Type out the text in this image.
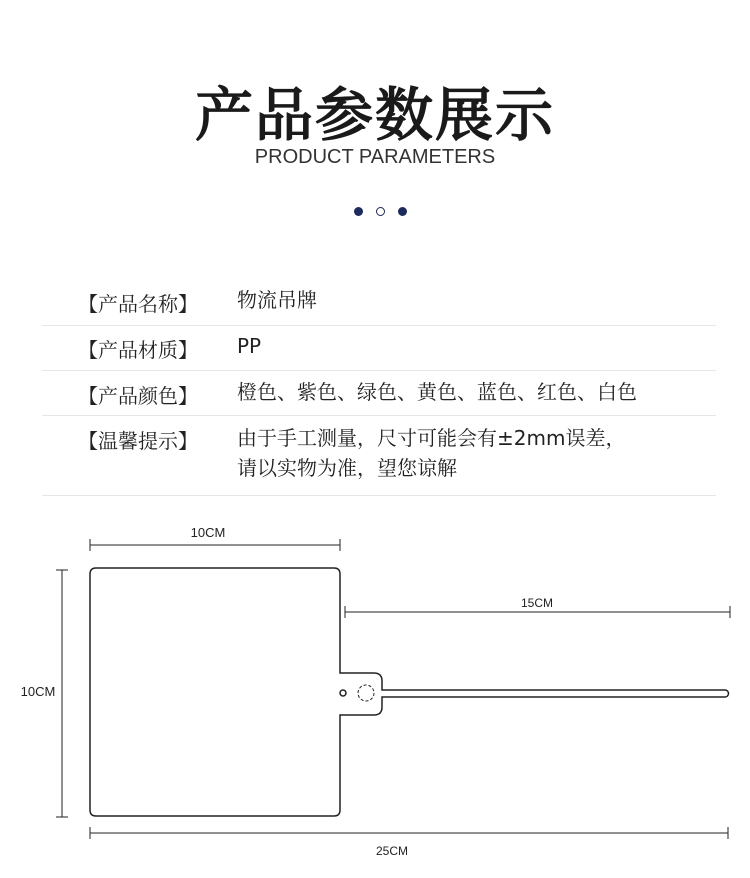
产品参数展示
PRODUCT PARAMETERS
【产品名称】 物流吊牌
【产品材质】 PP
【产品颜色】 橙色、紫色、绿色、黄色、蓝色、红色、白色
【温馨提示】 由于手工测量，尺寸可能会有±2mm误差，
请以实物为准，望您谅解
10CM
15CM
10CM
25CM
